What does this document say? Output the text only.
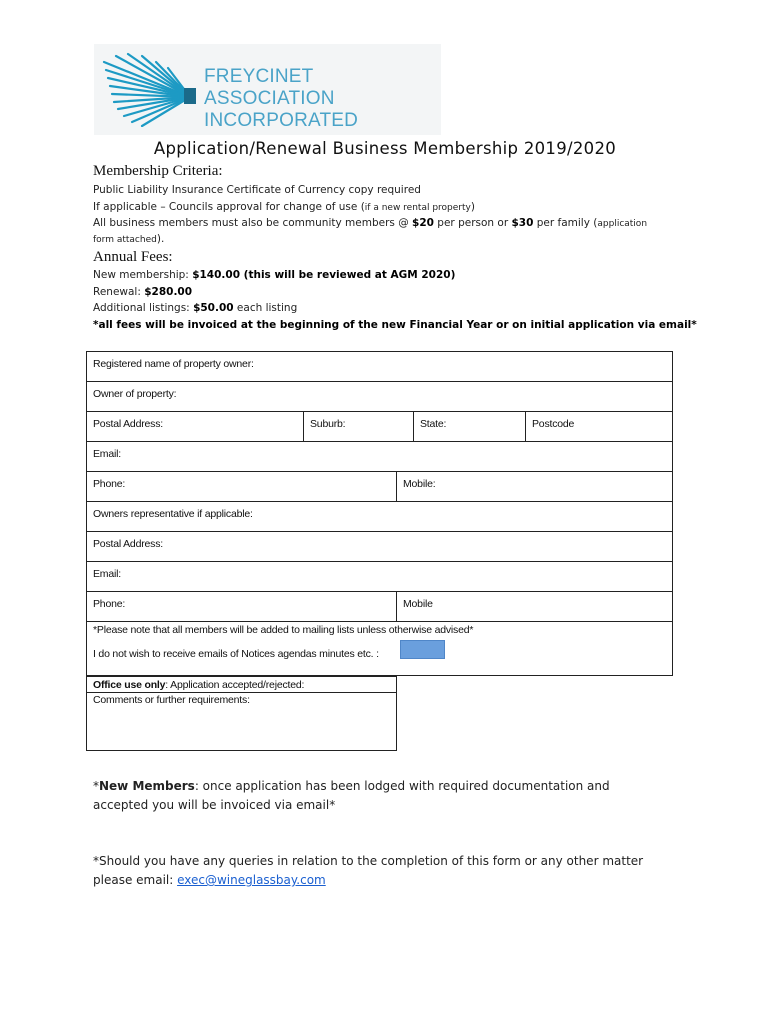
FREYCINET ASSOCIATION
INCORPORATED
Application/Renewal Business Membership 2019/2020
Membership Criteria:
Public Liability Insurance Certificate of Currency copy required
If applicable – Councils approval for change of use (if a new rental property)
All business members must also be community members @ $20 per person or $30 per family (application
form attached).
Annual Fees:
New membership: $140.00 (this will be reviewed at AGM 2020)
Renewal: $280.00
Additional listings: $50.00 each listing
*all fees will be invoiced at the beginning of the new Financial Year or on initial application via email*
Registered name of property owner:
Owner of property:
Postal Address:	Suburb:	State:	Postcode
Email:
Phone:	Mobile:
Owners representative if applicable:
Postal Address:
Email:
Phone:	Mobile
*Please note that all members will be added to mailing lists unless otherwise advised*
I do not wish to receive emails of Notices agendas minutes etc. :
Office use only: Application accepted/rejected:
Comments or further requirements:
*New Members: once application has been lodged with required documentation and
accepted you will be invoiced via email*
*Should you have any queries in relation to the completion of this form or any other matter
please email: exec@wineglassbay.com
